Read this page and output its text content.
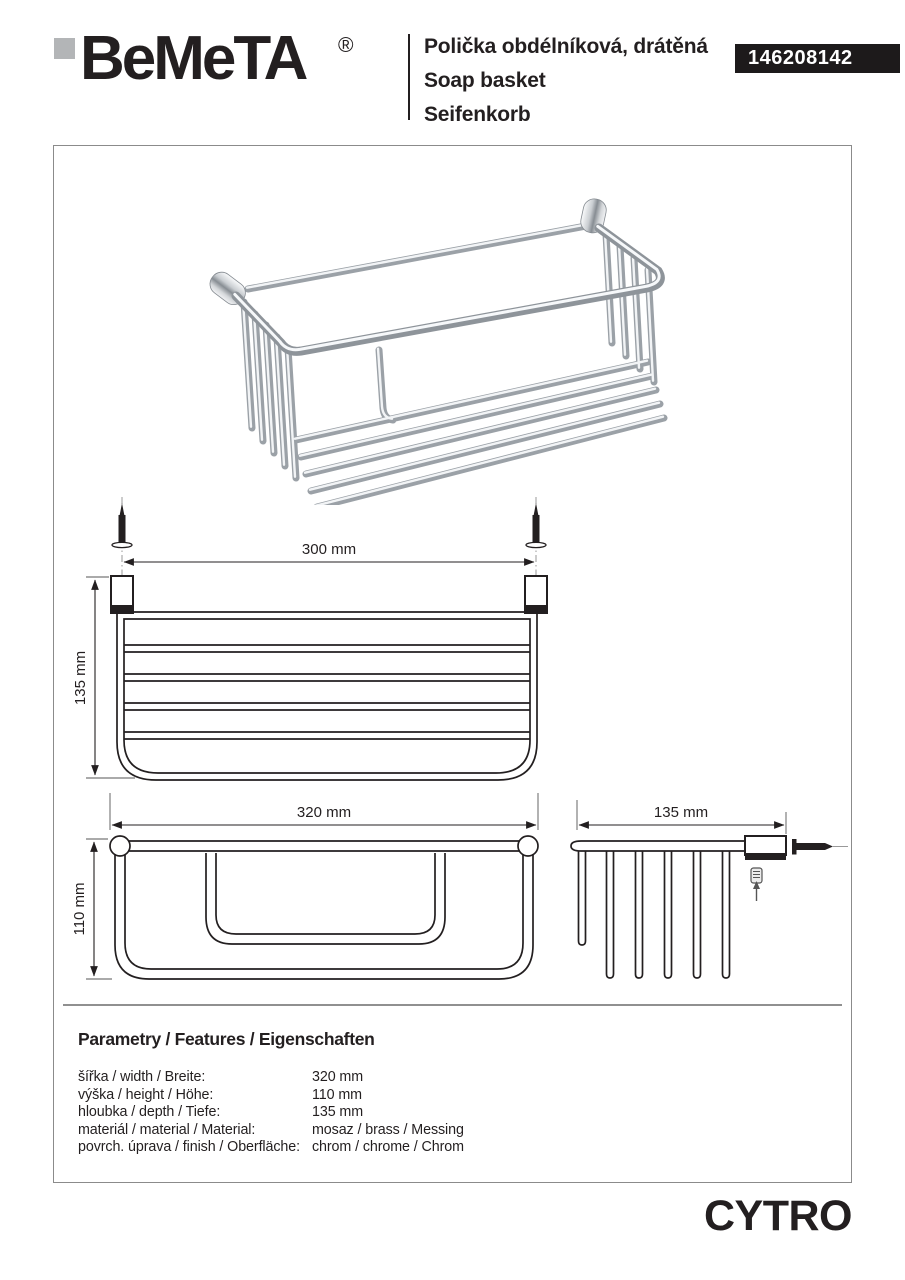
BeMeTA ®	Polička obdélníková, drátěná
Soap basket
Seifenkorb
146208142
300 mm
135 mm
320 mm
110 mm
135 mm
Parametry / Features / Eigenschaften
šířka / width / Breite:	320 mm
výška / height / Höhe:	110 mm
hloubka / depth / Tiefe:	135 mm
materiál / material / Material:	mosaz / brass / Messing
povrch. úprava / finish / Oberfläche: chrom / chrome / Chrom
CYTRO
